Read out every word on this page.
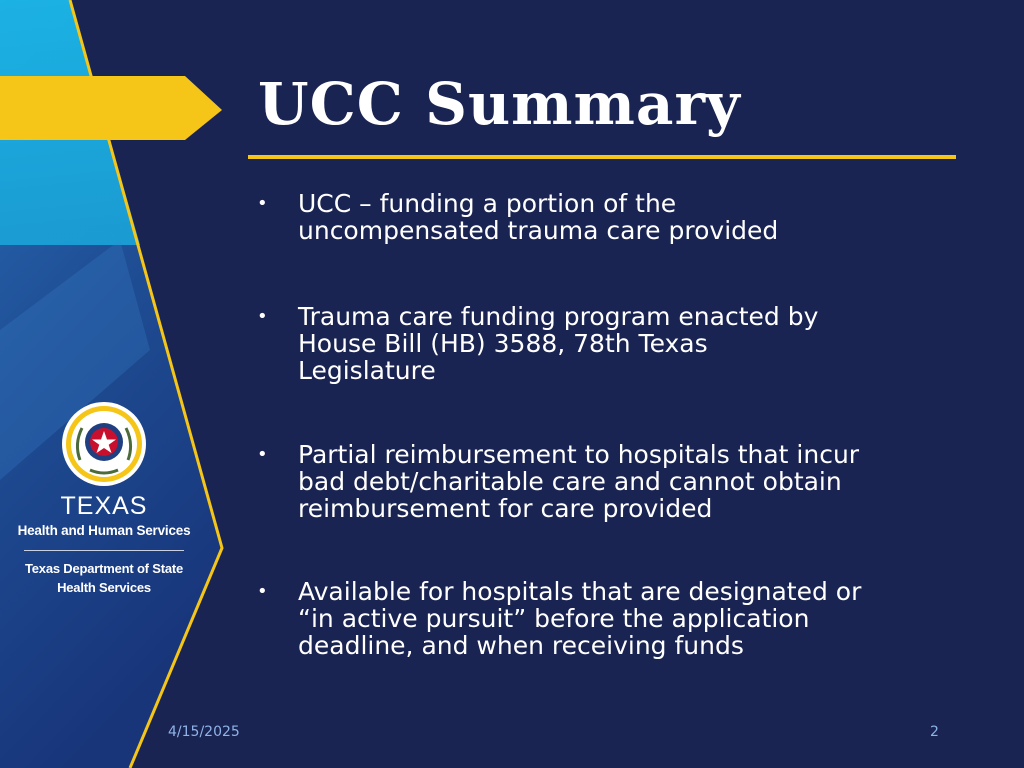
TEXAS
Health and Human Services
Texas Department of State
Health Services
UCC Summary
• UCC – funding a portion of the
uncompensated trauma care provided
• Trauma care funding program enacted by
House Bill (HB) 3588, 78th Texas
Legislature
• Partial reimbursement to hospitals that incur
bad debt/charitable care and cannot obtain
reimbursement for care provided
• Available for hospitals that are designated or
“in active pursuit” before the application
deadline, and when receiving funds
4/15/2025	2
